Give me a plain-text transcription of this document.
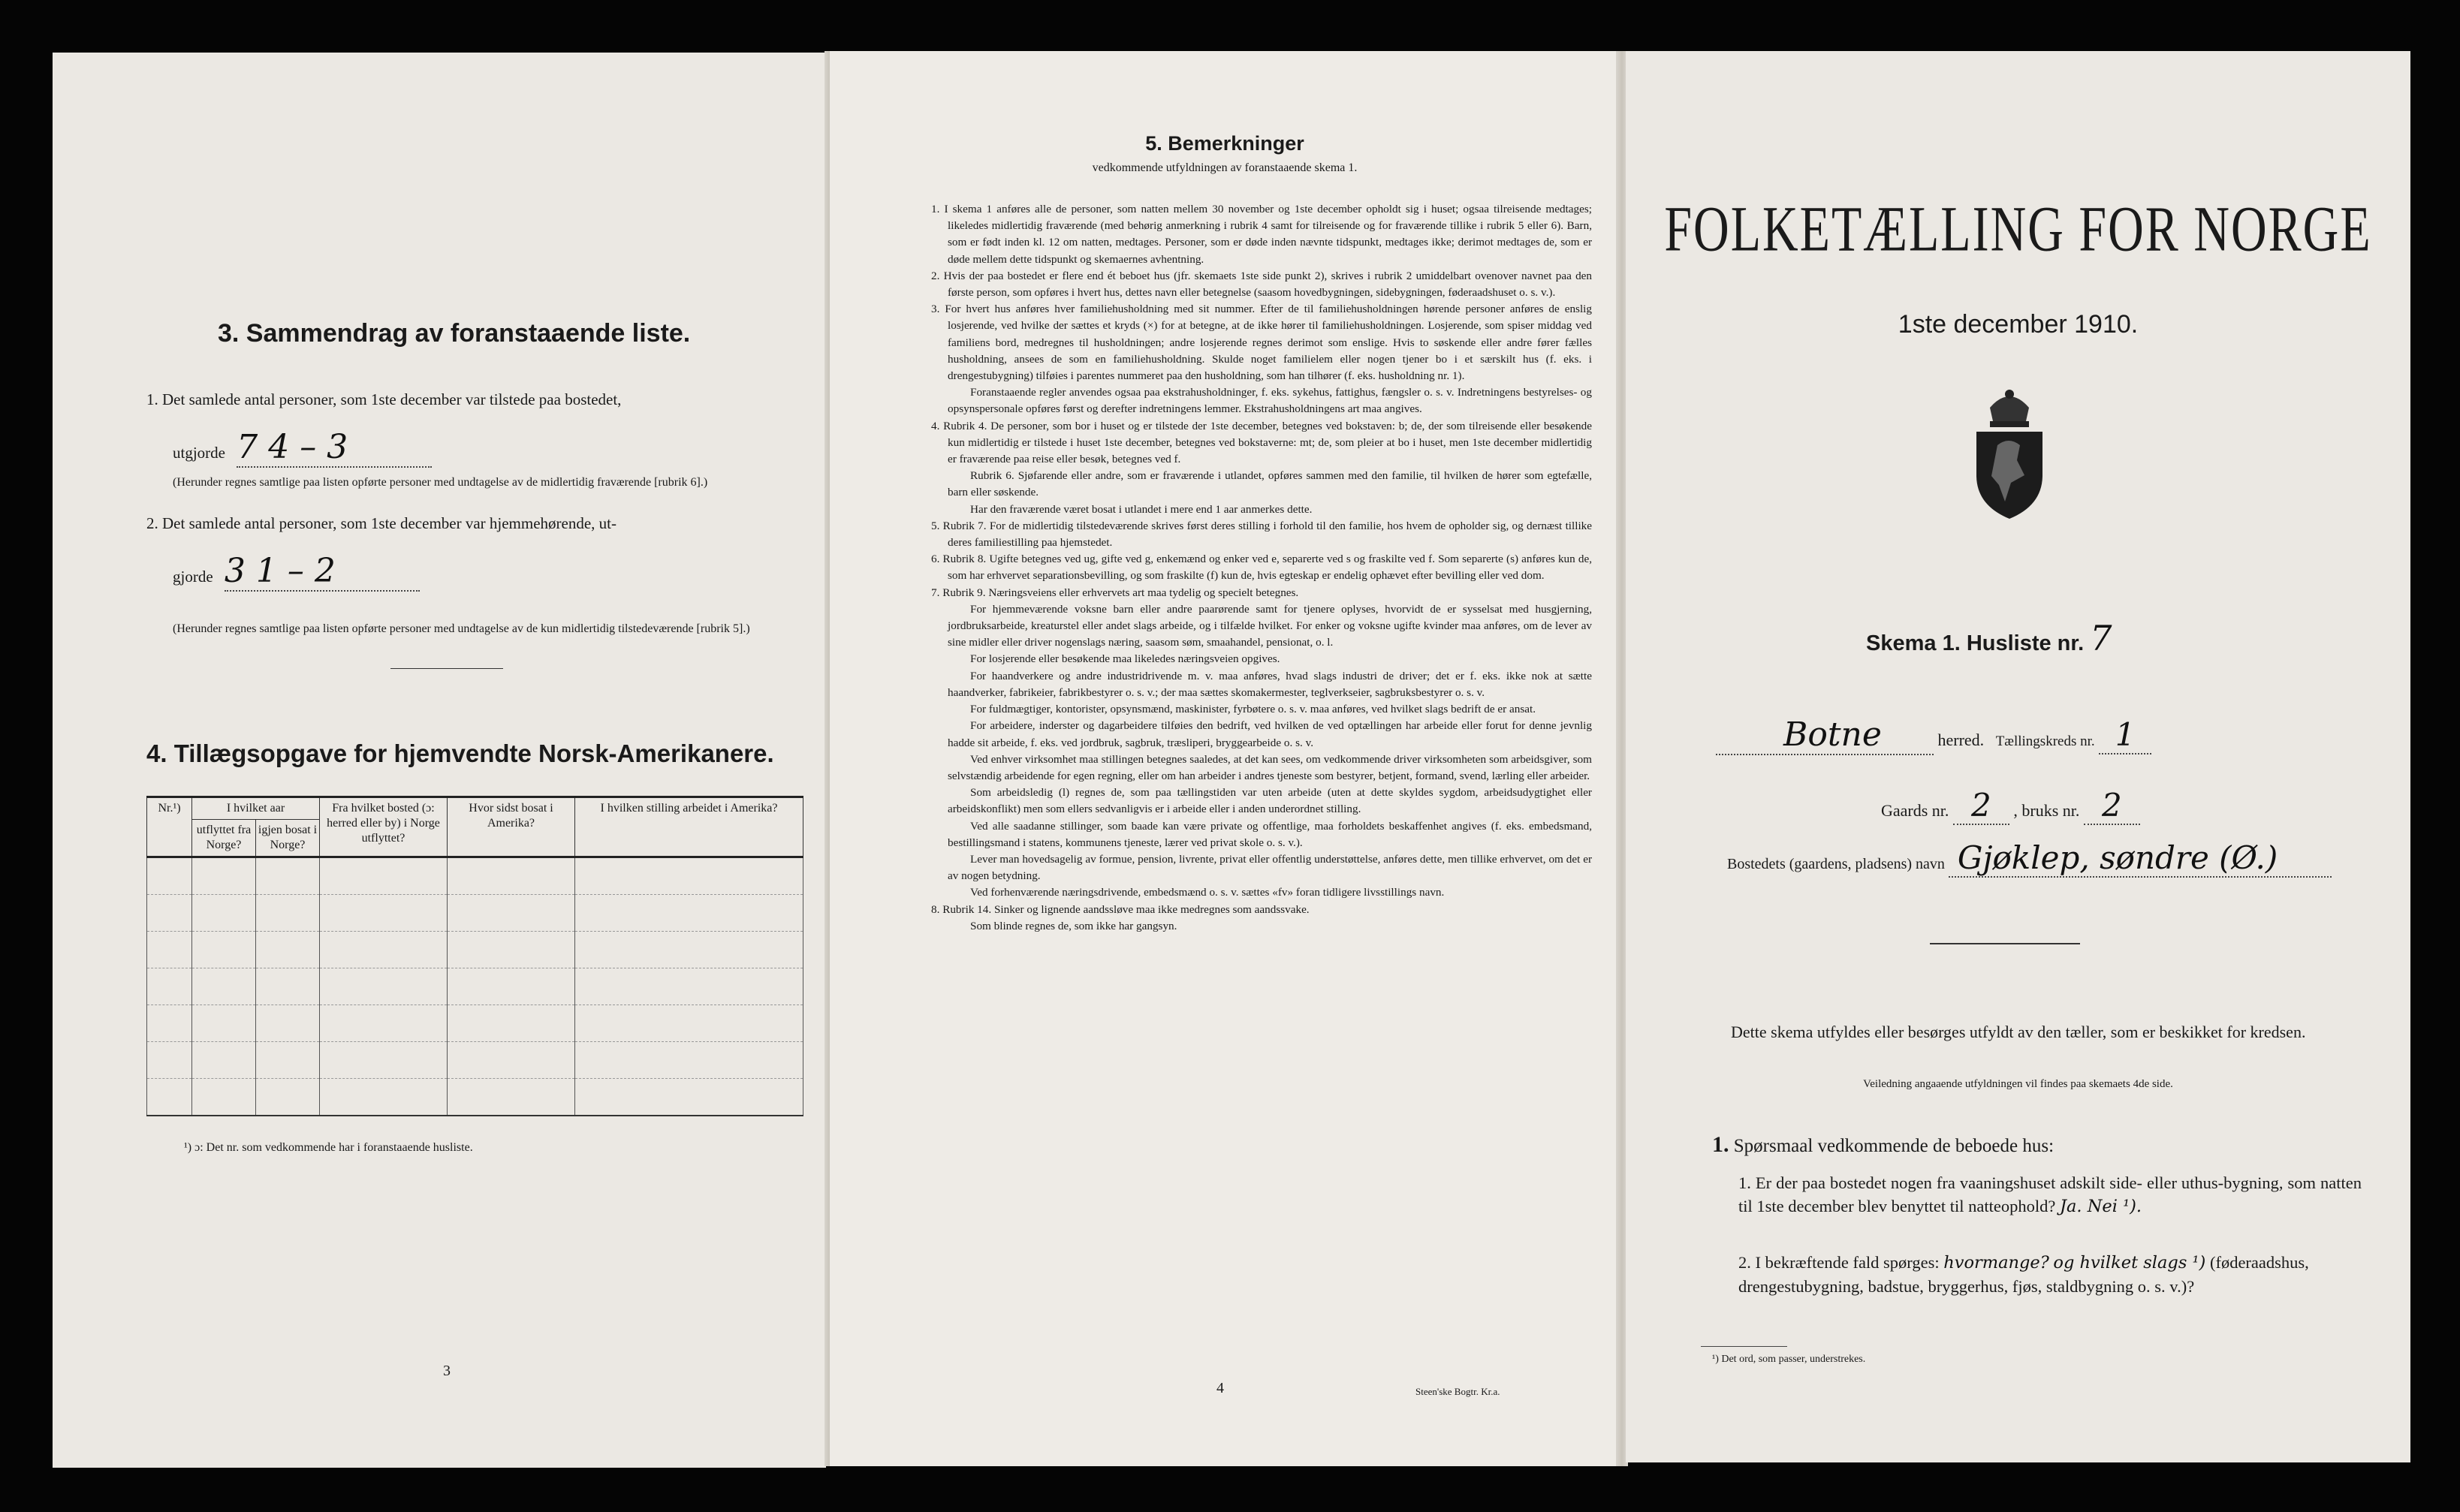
3. Sammendrag av foranstaaende liste.
1. Det samlede antal personer, som 1ste december var tilstede paa bostedet,
utgjorde 7 4 – 3
(Herunder regnes samtlige paa listen opførte personer med undtagelse av de midlertidig fraværende [rubrik 6].)
2. Det samlede antal personer, som 1ste december var hjemmehørende, ut-
gjorde 3 1 – 2
(Herunder regnes samtlige paa listen opførte personer med undtagelse av de kun midlertidig tilstedeværende [rubrik 5].)
4. Tillægsopgave for hjemvendte Norsk-Amerikanere.
Nr.¹)	I hvilket aar		Fra hvilket bosted (ɔ: herred eller by) i Norge utflyttet?	Hvor sidst bosat i Amerika?	I hvilken stilling arbeidet i Amerika?
	utflyttet fra Norge?	igjen bosat i Norge?			

¹) ɔ: Det nr. som vedkommende har i foranstaaende husliste.
3
5. Bemerkninger
vedkommende utfyldningen av foranstaaende skema 1.

1. I skema 1 anføres alle de personer, som natten mellem 30 november og 1ste december opholdt sig i huset; ogsaa tilreisende medtages; likeledes midlertidig fraværende (med behørig anmerkning i rubrik 4 samt for tilreisende og for fraværende tillike i rubrik 5 eller 6). Barn, som er født inden kl. 12 om natten, medtages. Personer, som er døde inden nævnte tidspunkt, medtages ikke; derimot medtages de, som er døde mellem dette tidspunkt og skemaernes avhentning.

2. Hvis der paa bostedet er flere end ét beboet hus (jfr. skemaets 1ste side punkt 2), skrives i rubrik 2 umiddelbart ovenover navnet paa den første person, som opføres i hvert hus, dettes navn eller betegnelse (saasom hovedbygningen, sidebygningen, føderaadshuset o. s. v.).

3. For hvert hus anføres hver familiehusholdning med sit nummer. Efter de til familiehusholdningen hørende personer anføres de enslig losjerende, ved hvilke der sættes et kryds (×) for at betegne, at de ikke hører til familiehusholdningen. Losjerende, som spiser middag ved familiens bord, medregnes til husholdningen; andre losjerende regnes derimot som enslige. Hvis to søskende eller andre fører fælles husholdning, ansees de som en familiehusholdning. Skulde noget familielem eller nogen tjener bo i et særskilt hus (f. eks. i drengestubygning) tilføies i parentes nummeret paa den husholdning, som han tilhører (f. eks. husholdning nr. 1).

Foranstaaende regler anvendes ogsaa paa ekstrahusholdninger, f. eks. sykehus, fattighus, fængsler o. s. v. Indretningens bestyrelses- og opsynspersonale opføres først og derefter indretningens lemmer. Ekstrahusholdningens art maa angives.

4. Rubrik 4. De personer, som bor i huset og er tilstede der 1ste december, betegnes ved bokstaven: b; de, der som tilreisende eller besøkende kun midlertidig er tilstede i huset 1ste december, betegnes ved bokstaverne: mt; de, som pleier at bo i huset, men 1ste december midlertidig er fraværende paa reise eller besøk, betegnes ved f.

Rubrik 6. Sjøfarende eller andre, som er fraværende i utlandet, opføres sammen med den familie, til hvilken de hører som egtefælle, barn eller søskende.

Har den fraværende været bosat i utlandet i mere end 1 aar anmerkes dette.

5. Rubrik 7. For de midlertidig tilstedeværende skrives først deres stilling i forhold til den familie, hos hvem de opholder sig, og dernæst tillike deres familiestilling paa hjemstedet.

6. Rubrik 8. Ugifte betegnes ved ug, gifte ved g, enkemænd og enker ved e, separerte ved s og fraskilte ved f. Som separerte (s) anføres kun de, som har erhvervet separationsbevilling, og som fraskilte (f) kun de, hvis egteskap er endelig ophævet efter bevilling eller ved dom.

7. Rubrik 9. Næringsveiens eller erhvervets art maa tydelig og specielt betegnes.

For hjemmeværende voksne barn eller andre paarørende samt for tjenere oplyses, hvorvidt de er sysselsat med husgjerning, jordbruksarbeide, kreaturstel eller andet slags arbeide, og i tilfælde hvilket. For enker og voksne ugifte kvinder maa anføres, om de lever av sine midler eller driver nogenslags næring, saasom søm, smaahandel, pensionat, o. l.

For losjerende eller besøkende maa likeledes næringsveien opgives.

For haandverkere og andre industridrivende m. v. maa anføres, hvad slags industri de driver; det er f. eks. ikke nok at sætte haandverker, fabrikeier, fabrikbestyrer o. s. v.; der maa sættes skomakermester, teglverkseier, sagbruksbestyrer o. s. v.

For fuldmægtiger, kontorister, opsynsmænd, maskinister, fyrbøtere o. s. v. maa anføres, ved hvilket slags bedrift de er ansat.

For arbeidere, inderster og dagarbeidere tilføies den bedrift, ved hvilken de ved optællingen har arbeide eller forut for denne jevnlig hadde sit arbeide, f. eks. ved jordbruk, sagbruk, træsliperi, bryggearbeide o. s. v.

Ved enhver virksomhet maa stillingen betegnes saaledes, at det kan sees, om vedkommende driver virksomheten som arbeidsgiver, som selvstændig arbeidende for egen regning, eller om han arbeider i andres tjeneste som bestyrer, betjent, formand, svend, lærling eller arbeider.

Som arbeidsledig (l) regnes de, som paa tællingstiden var uten arbeide (uten at dette skyldes sygdom, arbeidsudygtighet eller arbeidskonflikt) men som ellers sedvanligvis er i arbeide eller i anden underordnet stilling.

Ved alle saadanne stillinger, som baade kan være private og offentlige, maa forholdets beskaffenhet angives (f. eks. embedsmand, bestillingsmand i statens, kommunens tjeneste, lærer ved privat skole o. s. v.).

Lever man hovedsagelig av formue, pension, livrente, privat eller offentlig understøttelse, anføres dette, men tillike erhvervet, om det er av nogen betydning.

Ved forhenværende næringsdrivende, embedsmænd o. s. v. sættes «fv» foran tidligere livsstillings navn.

8. Rubrik 14. Sinker og lignende aandssløve maa ikke medregnes som aandssvake.

Som blinde regnes de, som ikke har gangsyn.

4	Steen'ske Bogtr. Kr.a.
FOLKETÆLLING FOR NORGE
1ste december 1910.
Skema 1. Husliste nr. 7
Botne	herred. Tællingskreds nr. 1
Gaards nr. 2 , bruks nr. 2
Bostedets (gaardens, pladsens) navn Gjøklep, søndre (Ø.)
Dette skema utfyldes eller besørges utfyldt av den tæller, som er beskikket for kredsen.
Veiledning angaaende utfyldningen vil findes paa skemaets 4de side.
1. Spørsmaal vedkommende de beboede hus:
1. Er der paa bostedet nogen fra vaaningshuset adskilt side- eller uthus-bygning, som natten til 1ste december blev benyttet til natteophold? Ja. Nei ¹).
2. I bekræftende fald spørges: hvormange? og hvilket slags ¹) (føderaadshus, drengestubygning, badstue, bryggerhus, fjøs, staldbygning o. s. v.)?
¹) Det ord, som passer, understrekes.
